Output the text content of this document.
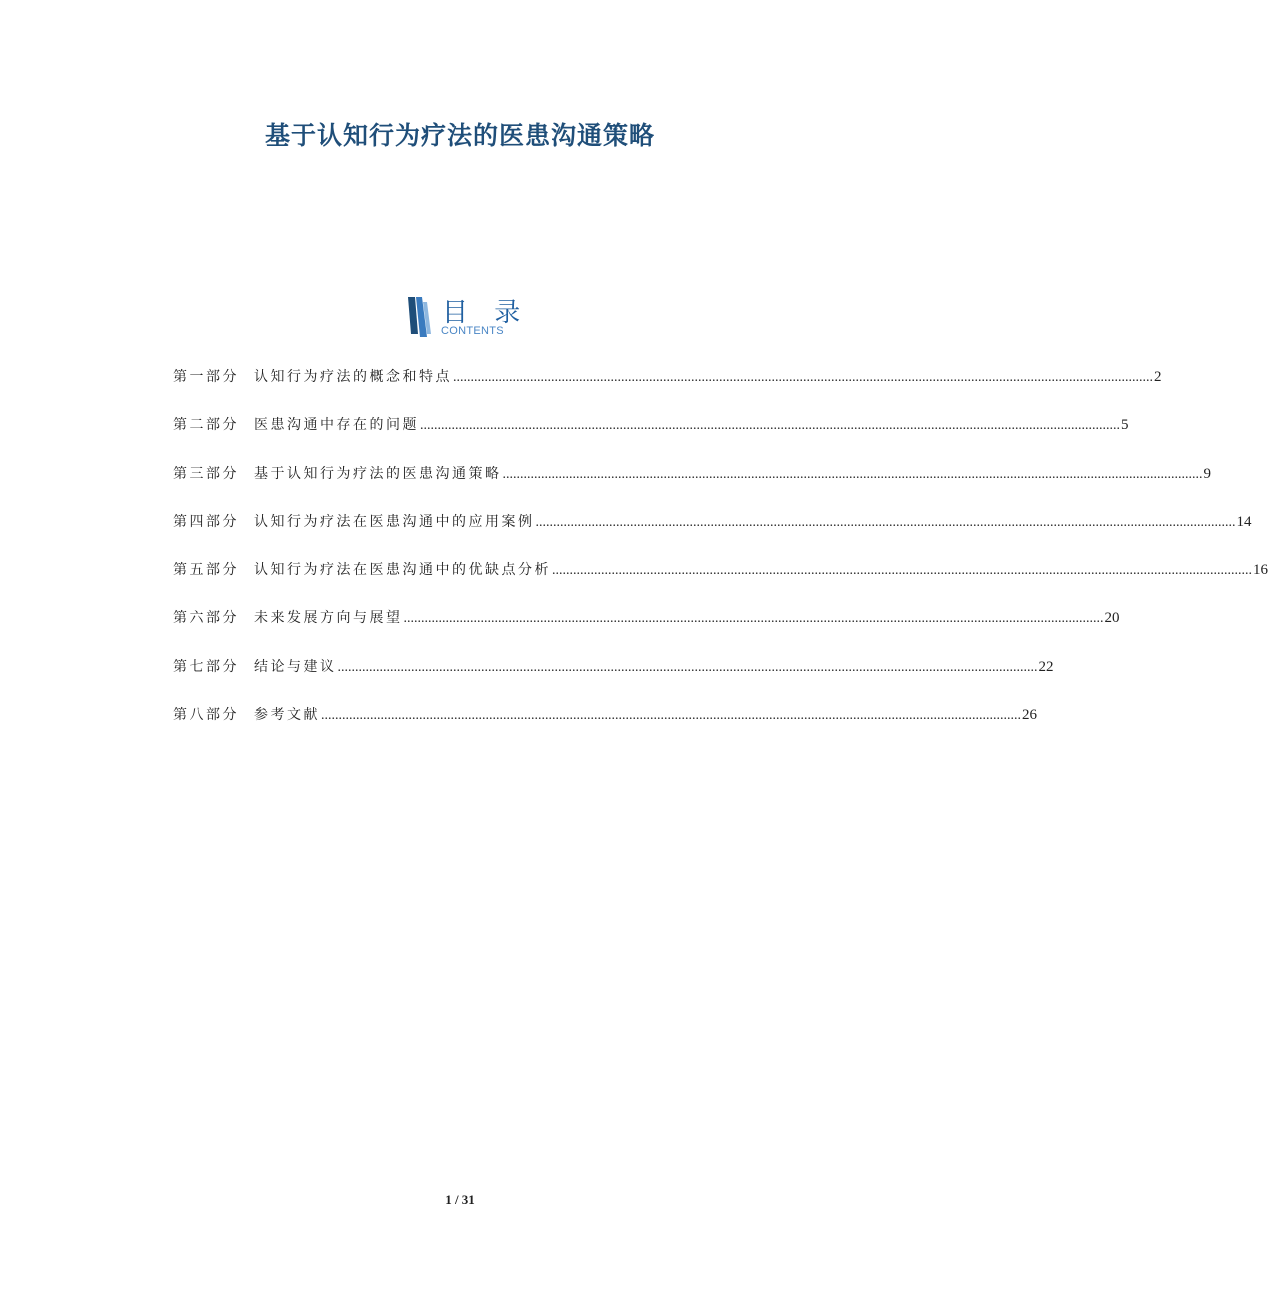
基于认知行为疗法的医患沟通策略
目 录
CONTENTS
第一部分	认知行为疗法的概念和特点 ........................................................................................................................................................................................................ 2
第二部分	医患沟通中存在的问题 ........................................................................................................................................................................................................ 5
第三部分	基于认知行为疗法的医患沟通策略 ........................................................................................................................................................................................................ 9
第四部分	认知行为疗法在医患沟通中的应用案例 ........................................................................................................................................................................................................ 14
第五部分	认知行为疗法在医患沟通中的优缺点分析 ........................................................................................................................................................................................................ 16
第六部分	未来发展方向与展望 ........................................................................................................................................................................................................ 20
第七部分	结论与建议 ........................................................................................................................................................................................................ 22
第八部分	参考文献 ........................................................................................................................................................................................................ 26
1 / 31
